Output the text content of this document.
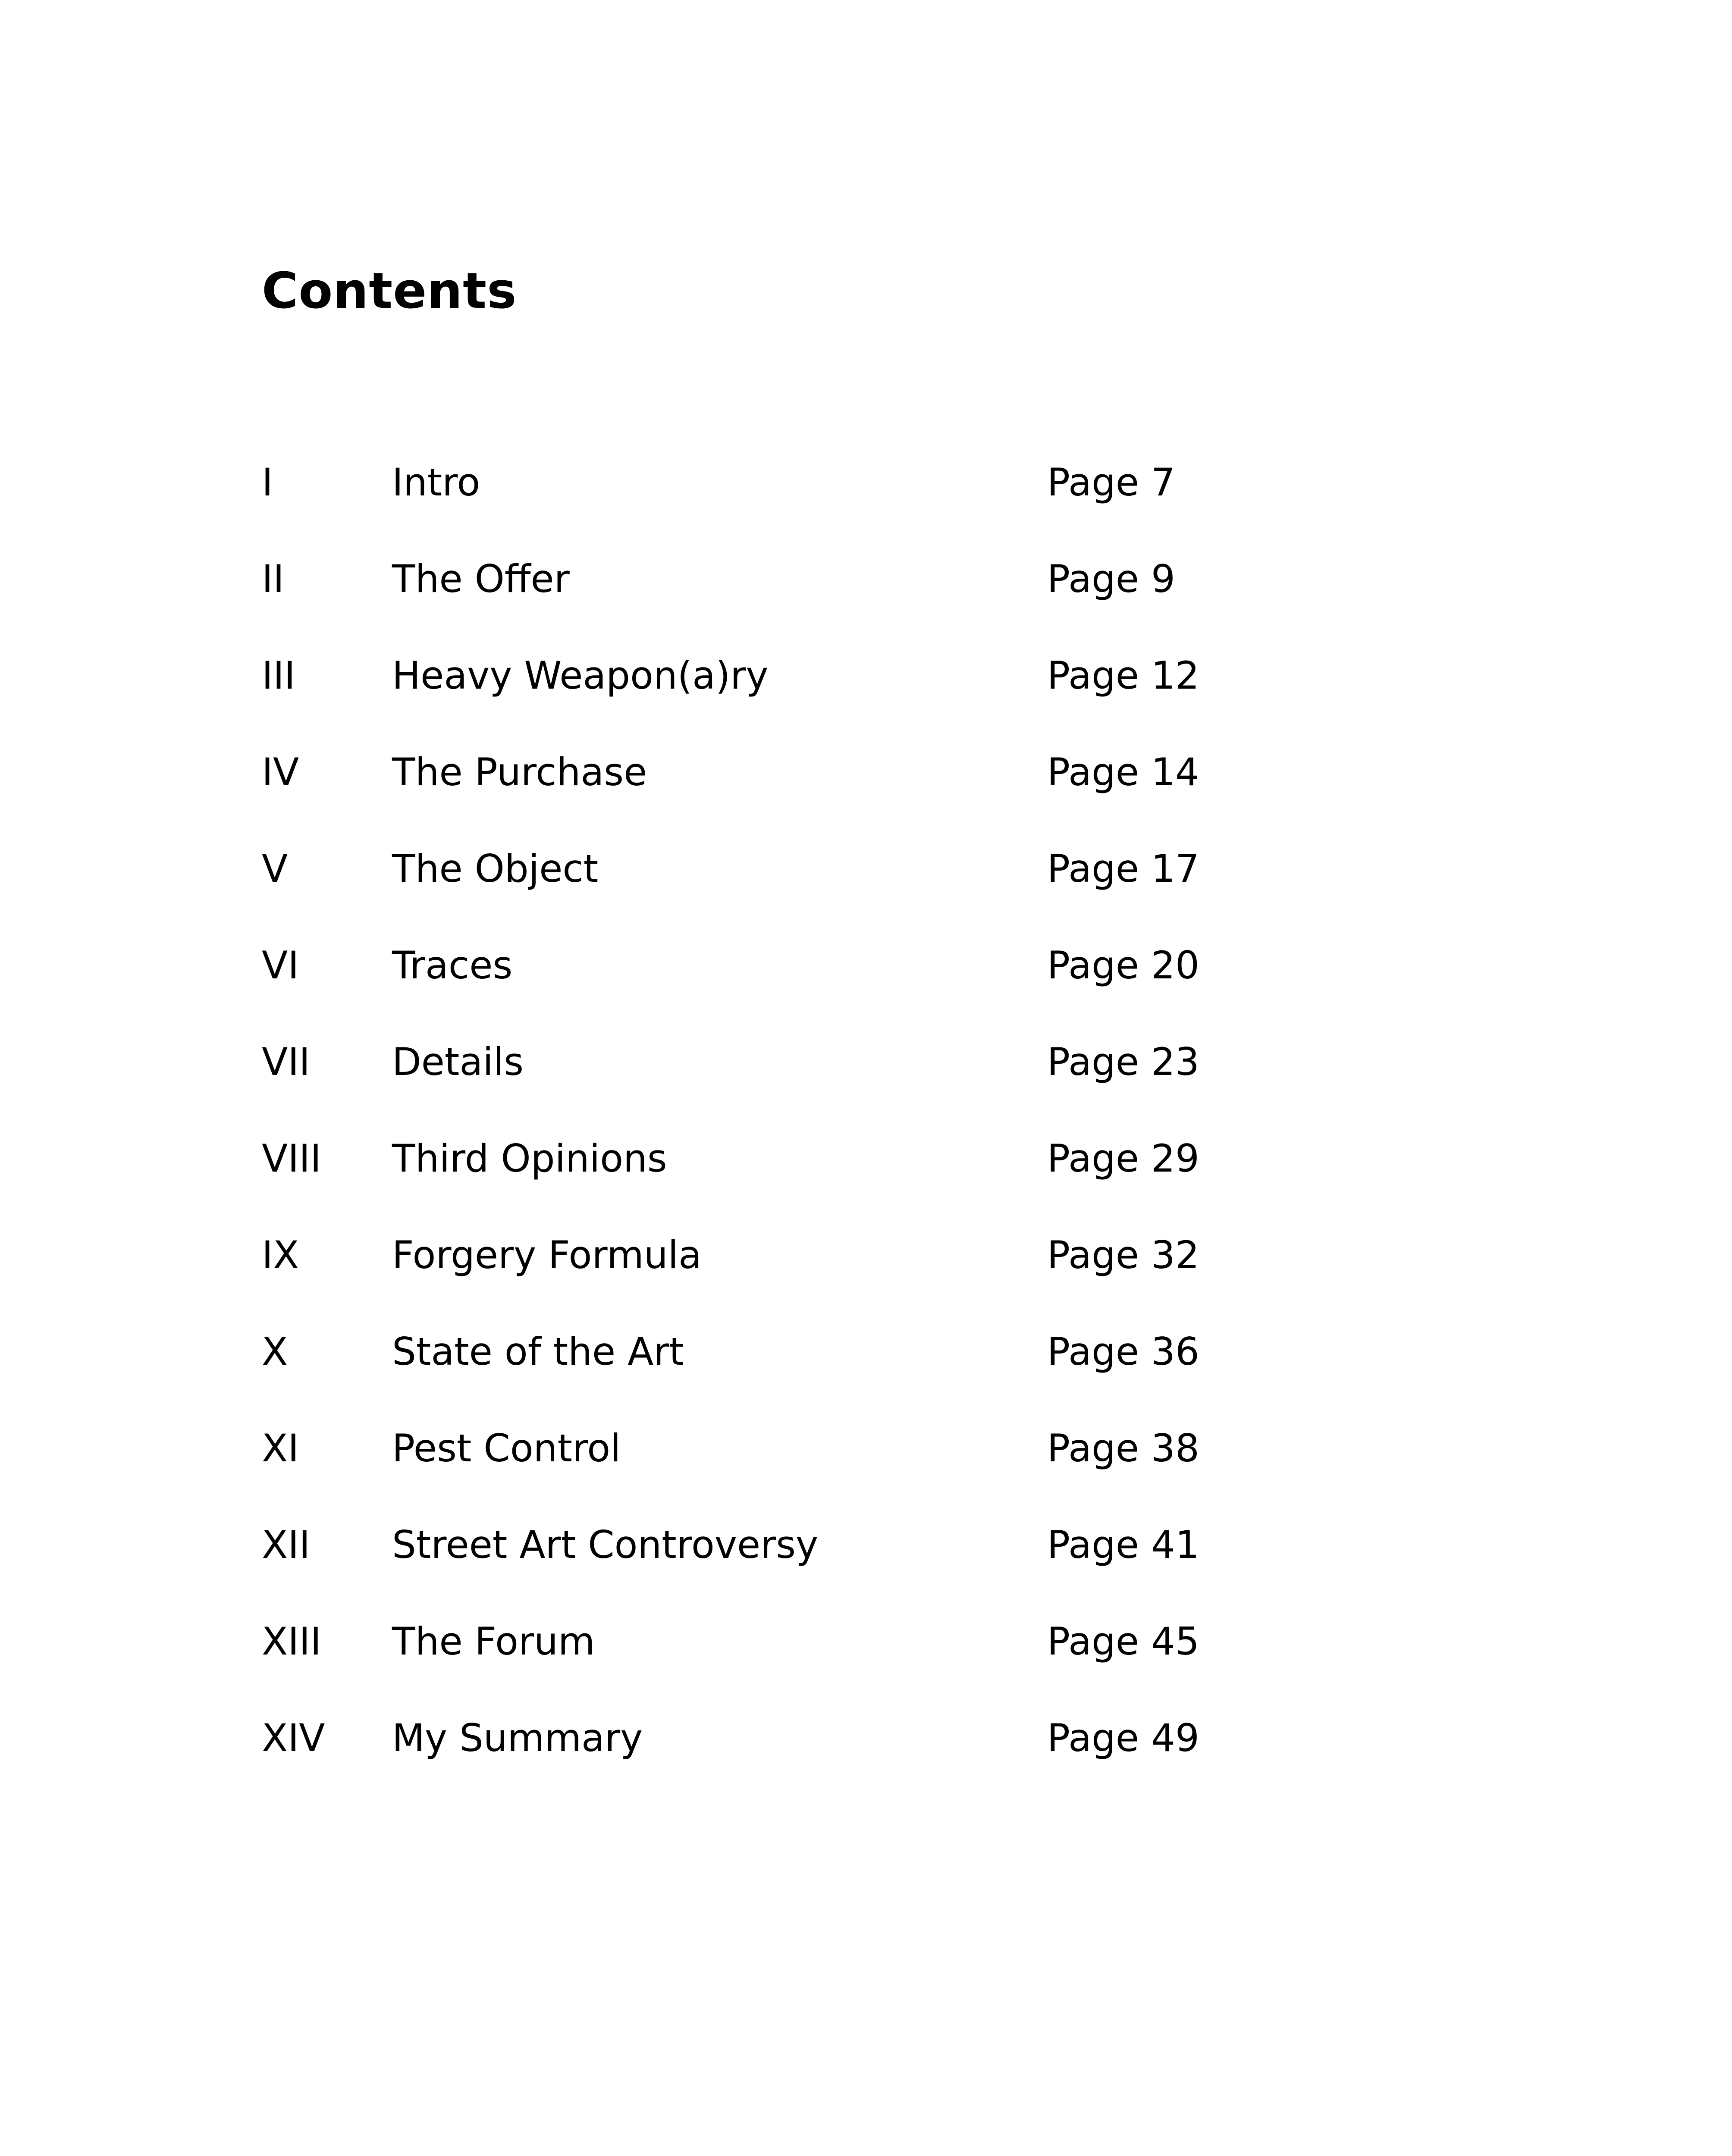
Contents
I	Intro	Page 7
II	The Offer	Page 9
III	Heavy Weapon(a)ry	Page 12
IV The Purchase	Page 14
V	The Object	Page 17
VI Traces	Page 20
VII Details	Page 23
VIII Third Opinions	Page 29
IX Forgery Formula	Page 32
X	State of the Art	Page 36
XI Pest Control	Page 38
XII Street Art Controversy	Page 41
XIII The Forum	Page 45
XIV My Summary	Page 49
